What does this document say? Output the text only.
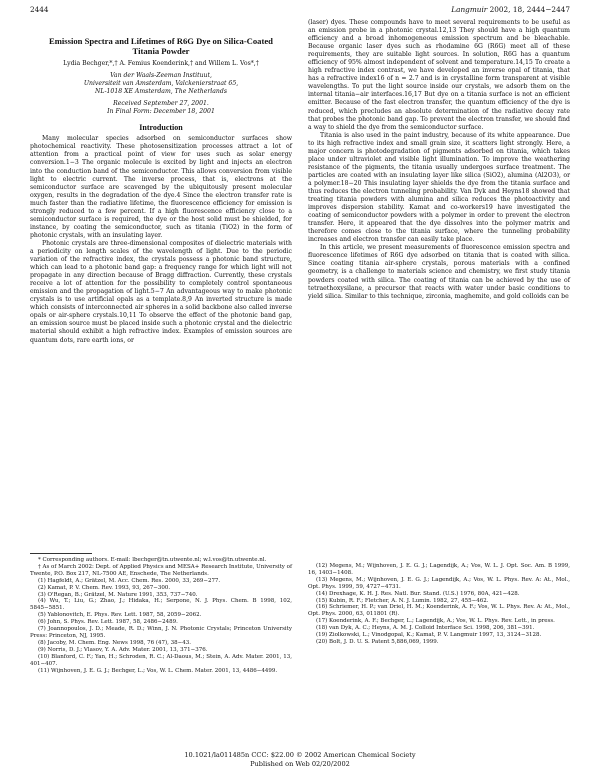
2444	Langmuir 2002, 18, 2444−2447
Emission Spectra and Lifetimes of R6G Dye on Silica-Coated Titania Powder
Lydia Bechger,*,† A. Femius Koenderink,† and Willem L. Vos*,†
Van der Waals-Zeeman Instituut,
Universiteit van Amsterdam, Valckenierstraat 65,
NL-1018 XE Amsterdam, The Netherlands
Received September 27, 2001.
In Final Form: December 18, 2001
Introduction

Many molecular species adsorbed on semiconductor surfaces show photochemical reactivity. These photosensitization processes attract a lot of attention from a practical point of view for uses such as solar energy conversion.1−3 The organic molecule is excited by light and injects an electron into the conduction band of the semiconductor. This allows conversion from visible light to electric current. The inverse process, that is, electrons at the semiconductor surface are scavenged by the ubiquitously present molecular oxygen, results in the degradation of the dye.4 Since the electron transfer rate is much faster than the radiative lifetime, the fluorescence efficiency for emission is strongly reduced to a few percent. If a high fluorescence efficiency close to a semiconductor surface is required, the dye or the host solid must be shielded, for instance, by coating the semiconductor, such as titania (TiO2) in the form of photonic crystals, with an insulating layer.

Photonic crystals are three-dimensional composites of dielectric materials with a periodicity on length scales of the wavelength of light. Due to the periodic variation of the refractive index, the crystals possess a photonic band structure, which can lead to a photonic band gap: a frequency range for which light will not propagate in any direction because of Bragg diffraction. Currently, these crystals receive a lot of attention for the possibility to completely control spontaneous emission and the propagation of light.5−7 An advantageous way to make photonic crystals is to use artificial opals as a template.8,9 An inverted structure is made which consists of interconnected air spheres in a solid backbone also called inverse opals or air-sphere crystals.10,11 To observe the effect of the photonic band gap, an emission source must be placed inside such a photonic crystal and the dielectric material should exhibit a high refractive index. Examples of emission sources are quantum dots, rare earth ions, or

(laser) dyes. These compounds have to meet several requirements to be useful as an emission probe in a photonic crystal.12,13 They should have a high quantum efficiency and a broad inhomogeneous emission spectrum and be bleachable. Because organic laser dyes such as rhodamine 6G (R6G) meet all of these requirements, they are suitable light sources. In solution, R6G has a quantum efficiency of 95% almost independent of solvent and temperature.14,15 To create a high refractive index contrast, we have developed an inverse opal of titania, that has a refractive index16 of n = 2.7 and is in crystalline form transparent at visible wavelengths. To put the light source inside our crystals, we adsorb them on the internal titania−air interfaces.16,17 But dye on a titania surface is not an efficient emitter. Because of the fast electron transfer, the quantum efficiency of the dye is reduced, which precludes an absolute determination of the radiative decay rate that probes the photonic band gap. To prevent the electron transfer, we should find a way to shield the dye from the semiconductor surface.

Titania is also used in the paint industry, because of its white appearance. Due to its high refractive index and small grain size, it scatters light strongly. Here, a major concern is photodegradation of pigments adsorbed on titania, which takes place under ultraviolet and visible light illumination. To improve the weathering resistance of the pigments, the titania usually undergoes surface treatment. The particles are coated with an insulating layer like silica (SiO2), alumina (Al2O3), or a polymer.18−20 This insulating layer shields the dye from the titania surface and thus reduces the electron tunneling probability. Van Dyk and Heyns18 showed that treating titania powders with alumina and silica reduces the photoactivity and improves dispersion stability. Kamat and co-workers19 have investigated the coating of semiconductor powders with a polymer in order to prevent the electron transfer. Here, it appeared that the dye dissolves into the polymer matrix and therefore comes close to the titania surface, where the tunneling probability increases and electron transfer can easily take place.

In this article, we present measurements of fluorescence emission spectra and fluorescence lifetimes of R6G dye adsorbed on titania that is coated with silica. Since coating titania air-sphere crystals, porous materials with a confined geometry, is a challenge to materials science and chemistry, we first study titania powders coated with silica. The coating of titania can be achieved by the use of tetraethoxysilane, a precursor that reacts with water under basic conditions to yield silica. Similar to this technique, zirconia, maghemite, and gold colloids can be

* Corresponding authors. E-mail: lbechger@tn.utwente.nl; w.l.vos@tn.utwente.nl.
† As of March 2002: Dept. of Applied Physics and MESA+ Research Institute, University of Twente, P.O. Box 217, NL-7500 AE, Enschede, The Netherlands.
(1) Hagfeldt, A.; Grätzel, M. Acc. Chem. Res. 2000, 33, 269−277.
(2) Kamat, P. V. Chem. Rev. 1993, 93, 267−300.
(3) O'Regan, B.; Grätzel, M. Nature 1991, 353, 737−740.
(4) Wu, T.; Liu, G.; Zhao, J.; Hidaka, H.; Serpone, N. J. Phys. Chem. B 1998, 102, 5845−5851.
(5) Yablonovitch, E. Phys. Rev. Lett. 1987, 58, 2059−2062.
(6) John, S. Phys. Rev. Lett. 1987, 58, 2486−2489.
(7) Joannopoulos, J. D.; Meade, R. D.; Winn, J. N. Photonic Crystals; Princeton University Press: Princeton, NJ, 1995.
(8) Jacoby, M. Chem. Eng. News 1998, 76 (47), 38−43.
(9) Norris, D. J.; Vlasov, Y. A. Adv. Mater. 2001, 13, 371−376.
(10) Blanford, C. F.; Yan, H.; Schroden, R. C.; Al-Daous, M.; Stein, A. Adv. Mater. 2001, 13, 401−407.
(11) Wijnhoven, J. E. G. J.; Bechger, L.; Vos, W. L. Chem. Mater. 2001, 13, 4486−4499.
(12) Megens, M.; Wijnhoven, J. E. G. J.; Lagendijk, A.; Vos, W. L. J. Opt. Soc. Am. B 1999, 16, 1403−1408.
(13) Megens, M.; Wijnhoven, J. E. G. J.; Lagendijk, A.; Vos, W. L. Phys. Rev. A: At., Mol., Opt. Phys. 1999, 59, 4727−4731.
(14) Drexhage, K. H. J. Res. Natl. Bur. Stand. (U.S.) 1976, 80A, 421−428.
(15) Kubin, R. F.; Fletcher, A. N. J. Lumin. 1982, 27, 455−462.
(16) Schriemer, H. P.; van Driel, H. M.; Koenderink, A. F.; Vos, W. L. Phys. Rev. A: At., Mol., Opt. Phys. 2000, 63, 011801 (R).
(17) Koenderink, A. F.; Bechger, L.; Lagendijk, A.; Vos, W. L. Phys. Rev. Lett., in press.
(18) van Dyk, A. C.; Heyns, A. M. J. Colloid Interface Sci. 1998, 206, 381−391.
(19) Ziolkowski, L.; Vinodgopal, K.; Kamat, P. V. Langmuir 1997, 13, 3124−3128.
(20) Bolt, J. D. U. S. Patent 5,886,069, 1999.
10.1021/la011485n CCC: $22.00 © 2002 American Chemical Society
Published on Web 02/20/2002
